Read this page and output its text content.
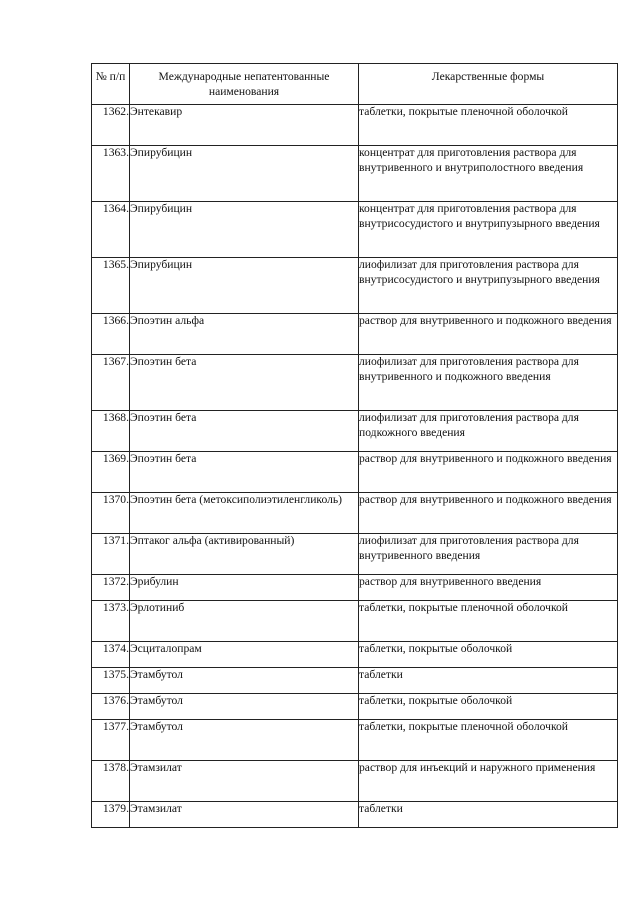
№ п/п	Международные непатентованные наименования	Лекарственные формы
1362.	Энтекавир	таблетки, покрытые пленочной оболочкой
1363.	Эпирубицин	концентрат для приготовления раствора для внутривенного и внутриполостного введения
1364.	Эпирубицин	концентрат для приготовления раствора для внутрисосудистого и внутрипузырного введения
1365.	Эпирубицин	лиофилизат для приготовления раствора для внутрисосудистого и внутрипузырного введения
1366.	Эпоэтин альфа	раствор для внутривенного и подкожного введения
1367.	Эпоэтин бета	лиофилизат для приготовления раствора для внутривенного и подкожного введения
1368.	Эпоэтин бета	лиофилизат для приготовления раствора для подкожного введения
1369.	Эпоэтин бета	раствор для внутривенного и подкожного введения
1370.	Эпоэтин бета (метоксиполиэтиленгликоль)	раствор для внутривенного и подкожного введения
1371.	Эптаког альфа (активированный)	лиофилизат для приготовления раствора для внутривенного введения
1372.	Эрибулин	раствор для внутривенного введения
1373.	Эрлотиниб	таблетки, покрытые пленочной оболочкой
1374.	Эсциталопрам	таблетки, покрытые оболочкой
1375.	Этамбутол	таблетки
1376.	Этамбутол	таблетки, покрытые оболочкой
1377.	Этамбутол	таблетки, покрытые пленочной оболочкой
1378.	Этамзилат	раствор для инъекций и наружного применения
1379.	Этамзилат	таблетки
